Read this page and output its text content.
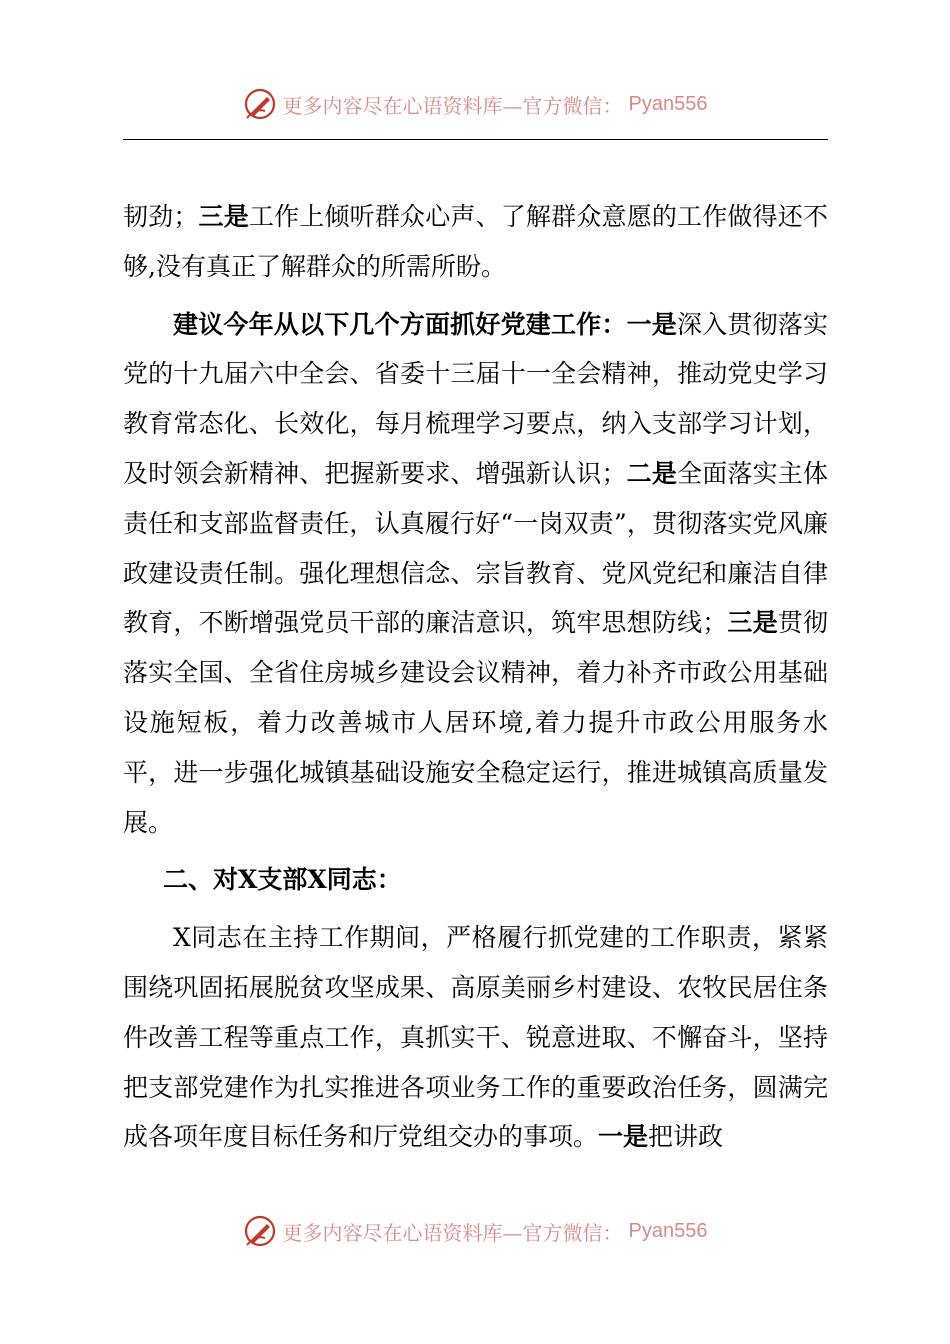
更多内容尽在心语资料库—官方微信： Pyan556

韧劲；三是工作上倾听群众心声、了解群众意愿的工作做得还不够,没有真正了解群众的所需所盼。

建议今年从以下几个方面抓好党建工作：一是深入贯彻落实党的十九届六中全会、省委十三届十一全会精神，推动党史学习教育常态化、长效化，每月梳理学习要点，纳入支部学习计划，及时领会新精神、把握新要求、增强新认识；二是全面落实主体责任和支部监督责任，认真履行好“一岗双责”，贯彻落实党风廉政建设责任制。强化理想信念、宗旨教育、党风党纪和廉洁自律教育，不断增强党员干部的廉洁意识，筑牢思想防线；三是贯彻落实全国、全省住房城乡建设会议精神，着力补齐市政公用基础设施短板，着力改善城市人居环境,着力提升市政公用服务水平，进一步强化城镇基础设施安全稳定运行，推进城镇高质量发展。

二、对X支部X同志：

X同志在主持工作期间，严格履行抓党建的工作职责，紧紧围绕巩固拓展脱贫攻坚成果、高原美丽乡村建设、农牧民居住条件改善工程等重点工作，真抓实干、锐意进取、不懈奋斗，坚持把支部党建作为扎实推进各项业务工作的重要政治任务，圆满完成各项年度目标任务和厅党组交办的事项。一是把讲政

更多内容尽在心语资料库—官方微信： Pyan556
